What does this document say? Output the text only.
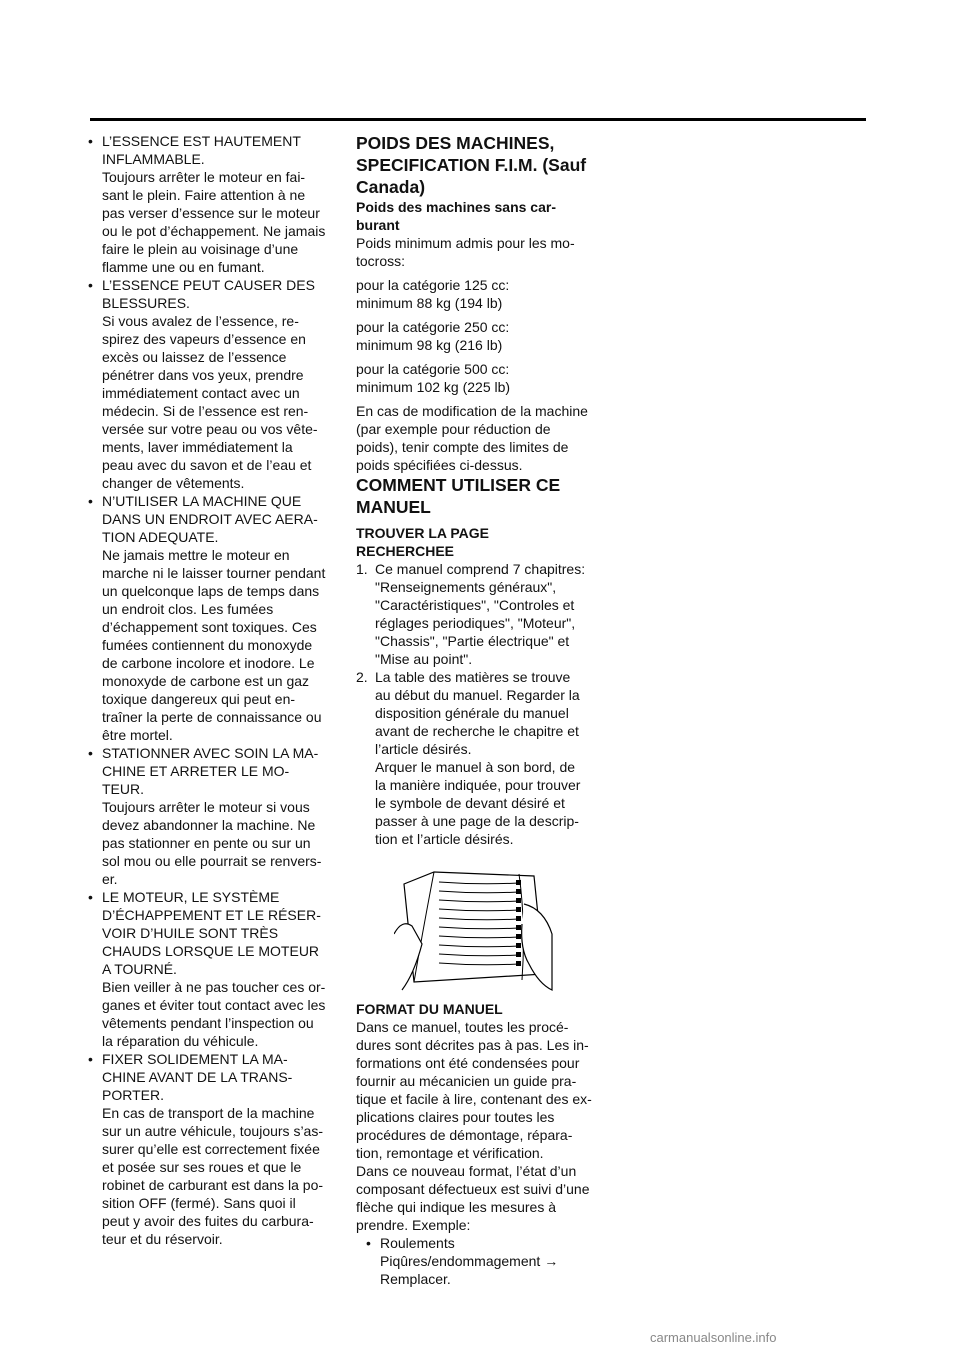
• L’ESSENCE EST HAUTEMENT
INFLAMMABLE.
Toujours arrêter le moteur en fai-
sant le plein. Faire attention à ne
pas verser d’essence sur le moteur
ou le pot d’échappement. Ne jamais
faire le plein au voisinage d’une
flamme une ou en fumant.
• L’ESSENCE PEUT CAUSER DES
BLESSURES.
Si vous avalez de l’essence, re-
spirez des vapeurs d’essence en
excès ou laissez de l’essence
pénétrer dans vos yeux, prendre
immédiatement contact avec un
médecin. Si de l’essence est ren-
versée sur votre peau ou vos vête-
ments, laver immédiatement la
peau avec du savon et de l’eau et
changer de vêtements.
• N’UTILISER LA MACHINE QUE
DANS UN ENDROIT AVEC AERA-
TION ADEQUATE.
Ne jamais mettre le moteur en
marche ni le laisser tourner pendant
un quelconque laps de temps dans
un endroit clos. Les fumées
d’échappement sont toxiques. Ces
fumées contiennent du monoxyde
de carbone incolore et inodore. Le
monoxyde de carbone est un gaz
toxique dangereux qui peut en-
traîner la perte de connaissance ou
être mortel.
• STATIONNER AVEC SOIN LA MA-
CHINE ET ARRETER LE MO-
TEUR.
Toujours arrêter le moteur si vous
devez abandonner la machine. Ne
pas stationner en pente ou sur un
sol mou ou elle pourrait se renvers-
er.
• LE MOTEUR, LE SYSTÈME
D’ÉCHAPPEMENT ET LE RÉSER-
VOIR D’HUILE SONT TRÈS
CHAUDS LORSQUE LE MOTEUR
A TOURNÉ.
Bien veiller à ne pas toucher ces or-
ganes et éviter tout contact avec les
vêtements pendant l’inspection ou
la réparation du véhicule.
• FIXER SOLIDEMENT LA MA-
CHINE AVANT DE LA TRANS-
PORTER.
En cas de transport de la machine
sur un autre véhicule, toujours s’as-
surer qu’elle est correctement fixée
et posée sur ses roues et que le
robinet de carburant est dans la po-
sition OFF (fermé). Sans quoi il
peut y avoir des fuites du carbura-
teur et du réservoir.
POIDS DES MACHINES,
SPECIFICATION F.I.M. (Sauf
Canada)
Poids des machines sans car-
burant
Poids minimum admis pour les mo-
tocross:
pour la catégorie 125 cc:
minimum 88 kg (194 lb)
pour la catégorie 250 cc:
minimum 98 kg (216 lb)
pour la catégorie 500 cc:
minimum 102 kg (225 lb)
En cas de modification de la machine
(par exemple pour réduction de
poids), tenir compte des limites de
poids spécifiées ci-dessus.
COMMENT UTILISER CE
MANUEL
TROUVER LA PAGE
RECHERCHEE
1. Ce manuel comprend 7 chapitres:
"Renseignements généraux",
"Caractéristiques", "Controles et
réglages periodiques", "Moteur",
"Chassis", "Partie électrique" et
"Mise au point".
2. La table des matières se trouve
au début du manuel. Regarder la
disposition générale du manuel
avant de recherche le chapitre et
l’article désirés.
Arquer le manuel à son bord, de
la manière indiquée, pour trouver
le symbole de devant désiré et
passer à une page de la descrip-
tion et l’article désirés.
FORMAT DU MANUEL
Dans ce manuel, toutes les procé-
dures sont décrites pas à pas. Les in-
formations ont été condensées pour
fournir au mécanicien un guide pra-
tique et facile à lire, contenant des ex-
plications claires pour toutes les
procédures de démontage, répara-
tion, remontage et vérification.
Dans ce nouveau format, l’état d’un
composant défectueux est suivi d’une
flèche qui indique les mesures à
prendre. Exemple:
• Roulements
Piqûres/endommagement →
Remplacer.
carmanualsonline.info
